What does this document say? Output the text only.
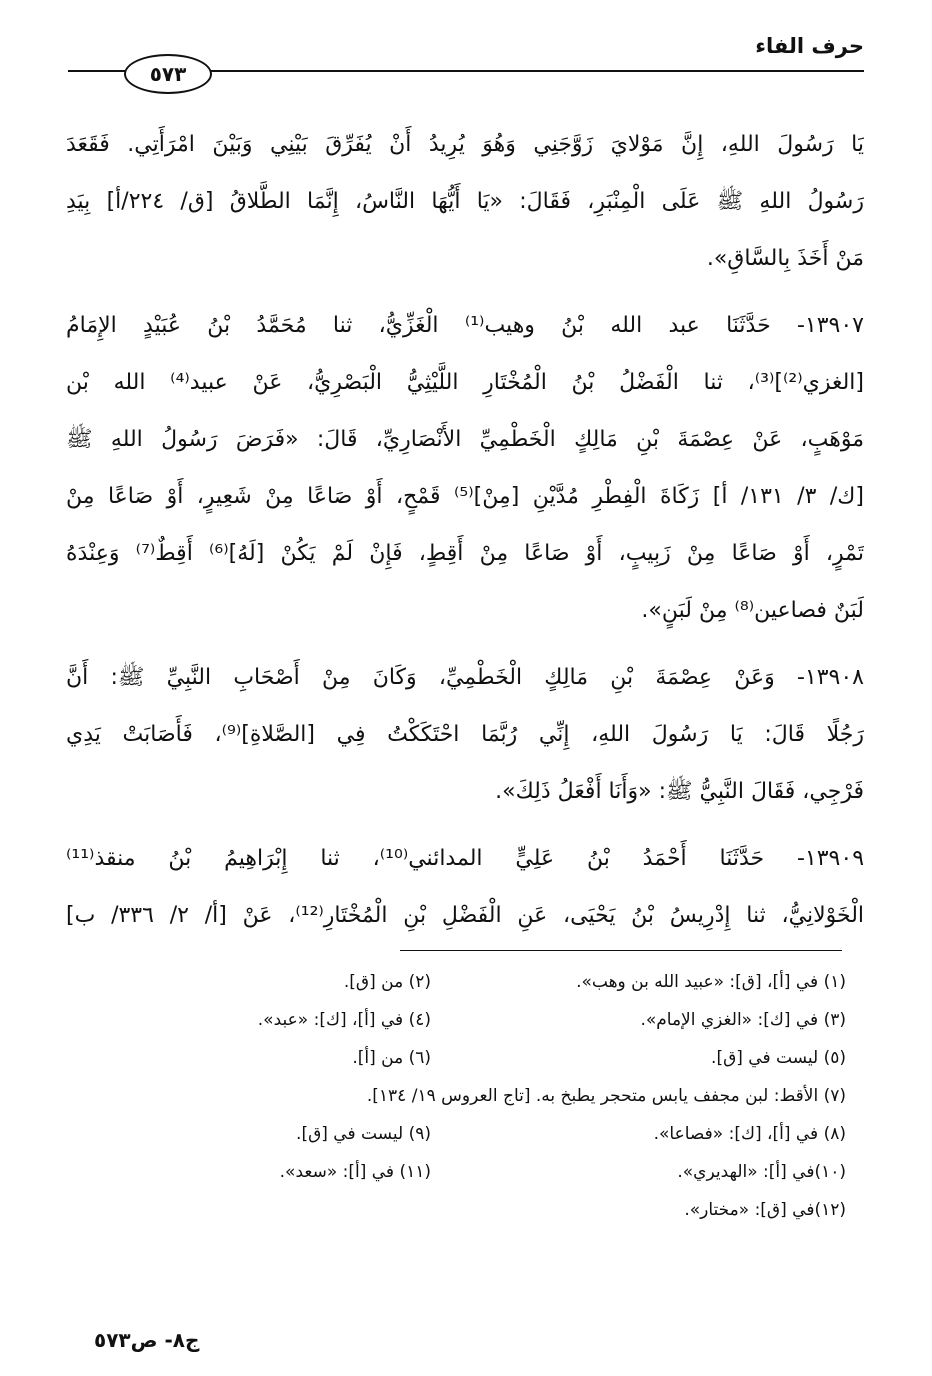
حرف الفاء
٥٧٣
يَا رَسُولَ اللهِ، إِنَّ مَوْلايَ زَوَّجَنِي وَهُوَ يُرِيدُ أَنْ يُفَرِّقَ بَيْنِي وَبَيْنَ امْرَأَتِي. فَقَعَدَ
رَسُولُ اللهِ ﷺ عَلَى الْمِنْبَرِ، فَقَالَ: «يَا أَيُّهَا النَّاسُ، إِنَّمَا الطَّلاقُ [ق/ ٢٢٤/أ] بِيَدِ
مَنْ أَخَذَ بِالسَّاقِ».
١٣٩٠٧- حَدَّثَنَا عبد الله بْنُ وهيب⁽¹⁾ الْغَزِّيُّ، ثنا مُحَمَّدُ بْنُ عُبَيْدٍ الإِمَامُ
[الغزي⁽²⁾]⁽³⁾، ثنا الْفَضْلُ بْنُ الْمُخْتَارِ اللَّيْثِيُّ الْبَصْرِيُّ، عَنْ عبيد⁽⁴⁾ الله بْن
مَوْهَبٍ، عَنْ عِصْمَةَ بْنِ مَالِكٍ الْخَطْمِيِّ الأَنْصَارِيِّ، قَالَ: «فَرَضَ رَسُولُ اللهِ ﷺ
[ك/ ٣/ ١٣١/ أ] زَكَاةَ الْفِطْرِ مُدَّيْنِ [مِنْ]⁽⁵⁾ قَمْحٍ، أَوْ صَاعًا مِنْ شَعِيرٍ، أَوْ صَاعًا مِنْ
تَمْرٍ، أَوْ صَاعًا مِنْ زَبِيبٍ، أَوْ صَاعًا مِنْ أَقِطٍ، فَإِنْ لَمْ يَكُنْ [لَهُ]⁽⁶⁾ أَقِطٌ⁽⁷⁾ وَعِنْدَهُ
لَبَنٌ فصاعين⁽⁸⁾ مِنْ لَبَنٍ».
١٣٩٠٨- وَعَنْ عِصْمَةَ بْنِ مَالِكٍ الْخَطْمِيِّ، وَكَانَ مِنْ أَصْحَابِ النَّبِيِّ ﷺ: أَنَّ
رَجُلًا قَالَ: يَا رَسُولَ اللهِ، إِنِّي رُبَّمَا احْتَكَكْتُ فِي [الصَّلاةِ]⁽⁹⁾، فَأَصَابَتْ يَدِي
فَرْجِي، فَقَالَ النَّبِيُّ ﷺ: «وَأَنَا أَفْعَلُ ذَلِكَ».
١٣٩٠٩- حَدَّثَنَا أَحْمَدُ بْنُ عَلِيٍّ المدائني⁽¹⁰⁾، ثنا إِبْرَاهِيمُ بْنُ منقذ⁽¹¹⁾
الْخَوْلانِيُّ، ثنا إِدْرِيسُ بْنُ يَحْيَى، عَنِ الْفَضْلِ بْنِ الْمُخْتَارِ⁽¹²⁾، عَنْ [أ/ ٢/ ٣٣٦/ ب]
(١) في [أ]، [ق]: «عبيد الله بن وهب».
(٢) من [ق].
(٣) في [ك]: «الغزي الإمام».
(٤) في [أ]، [ك]: «عبد».
(٥) ليست في [ق].
(٦) من [أ].
(٧) الأقط: لبن مجفف يابس متحجر يطبخ به. [تاج العروس ١٩/ ١٣٤].
(٨) في [أ]، [ك]: «فصاعا».
(٩) ليست في [ق].
(١٠)في [أ]: «الهديري».
(١١) في [أ]: «سعد».
(١٢)في [ق]: «مختار».
ج٨- ص٥٧٣
